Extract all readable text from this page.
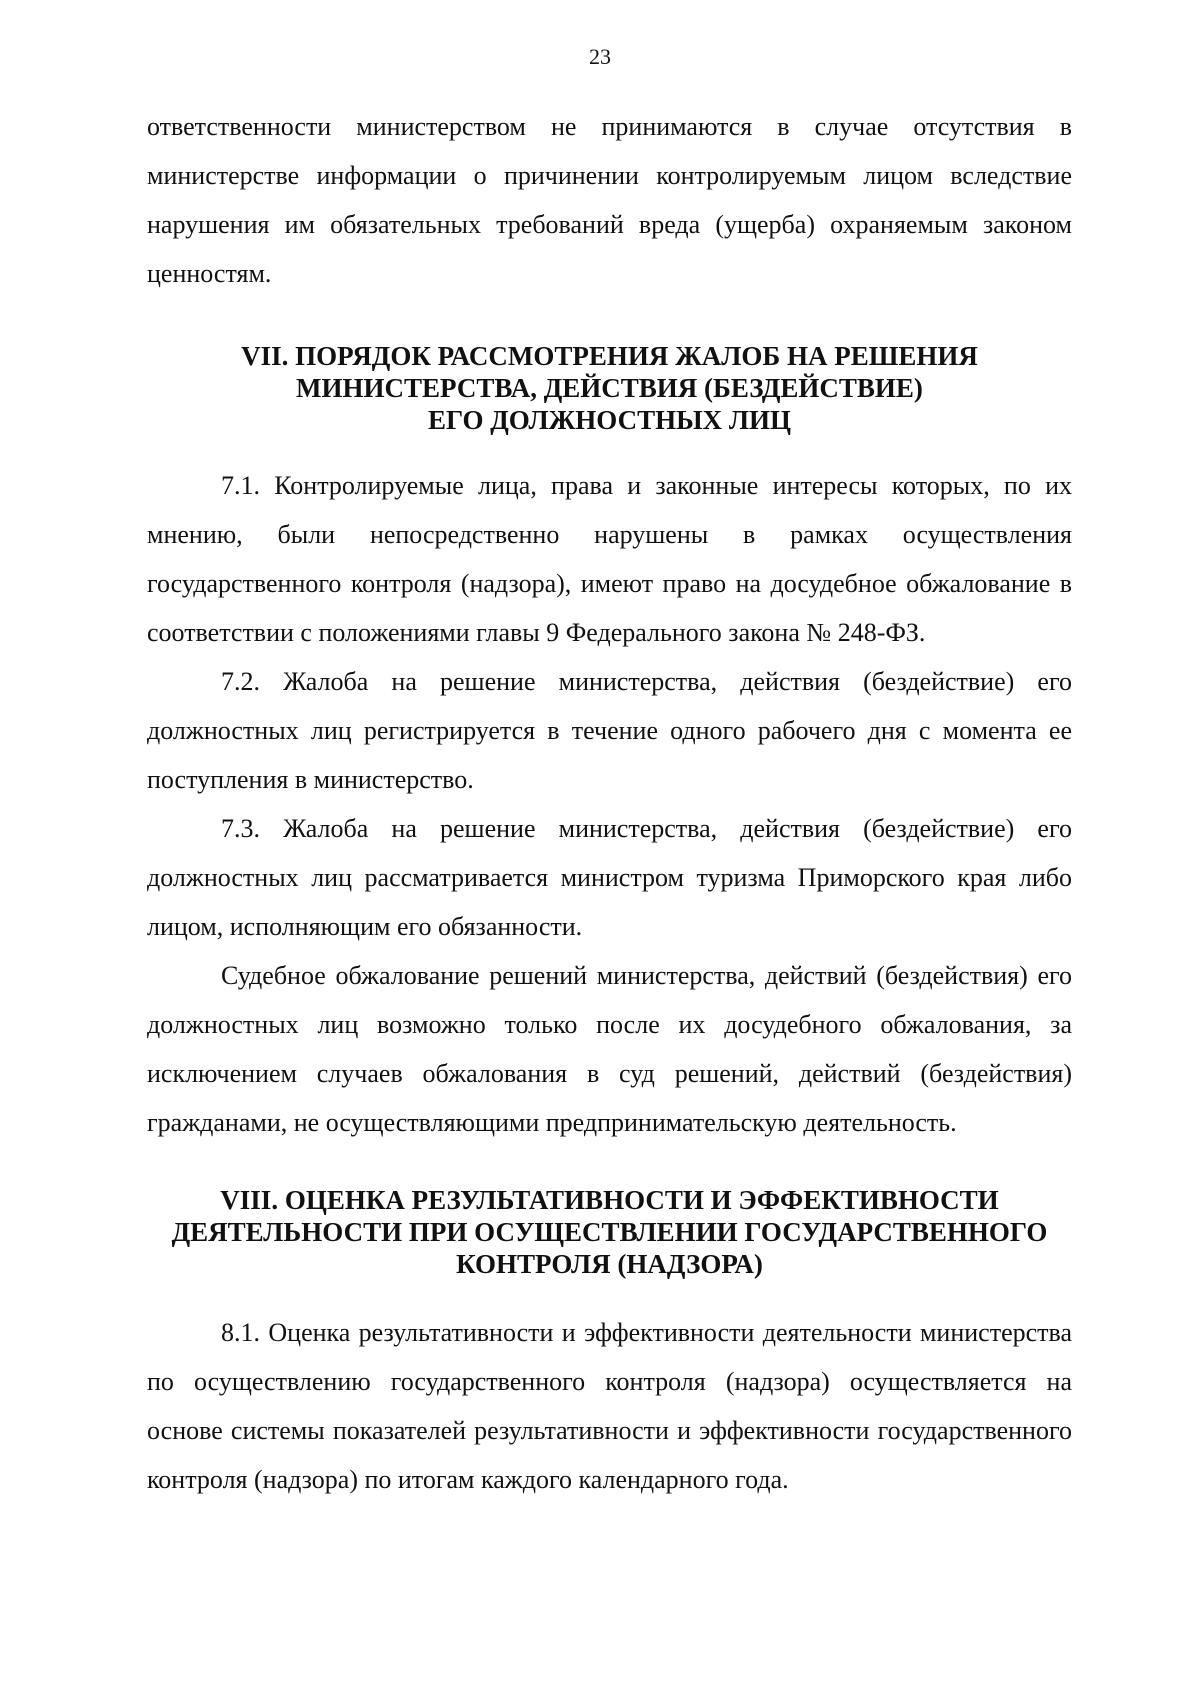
23

ответственности министерством не принимаются в случае отсутствия в министерстве информации о причинении контролируемым лицом вследствие нарушения им обязательных требований вреда (ущерба) охраняемым законом ценностям.

VII. ПОРЯДОК РАССМОТРЕНИЯ ЖАЛОБ НА РЕШЕНИЯ
МИНИСТЕРСТВА, ДЕЙСТВИЯ (БЕЗДЕЙСТВИЕ)
ЕГО ДОЛЖНОСТНЫХ ЛИЦ

7.1. Контролируемые лица, права и законные интересы которых, по их мнению, были непосредственно нарушены в рамках осуществления государственного контроля (надзора), имеют право на досудебное обжалование в соответствии с положениями главы 9 Федерального закона № 248-ФЗ.

7.2. Жалоба на решение министерства, действия (бездействие) его должностных лиц регистрируется в течение одного рабочего дня с момента ее поступления в министерство.

7.3. Жалоба на решение министерства, действия (бездействие) его должностных лиц рассматривается министром туризма Приморского края либо лицом, исполняющим его обязанности.

Судебное обжалование решений министерства, действий (бездействия) его должностных лиц возможно только после их досудебного обжалования, за исключением случаев обжалования в суд решений, действий (бездействия) гражданами, не осуществляющими предпринимательскую деятельность.

VIII. ОЦЕНКА РЕЗУЛЬТАТИВНОСТИ И ЭФФЕКТИВНОСТИ
ДЕЯТЕЛЬНОСТИ ПРИ ОСУЩЕСТВЛЕНИИ ГОСУДАРСТВЕННОГО
КОНТРОЛЯ (НАДЗОРА)

8.1. Оценка результативности и эффективности деятельности министерства по осуществлению государственного контроля (надзора) осуществляется на основе системы показателей результативности и эффективности государственного контроля (надзора) по итогам каждого календарного года.
